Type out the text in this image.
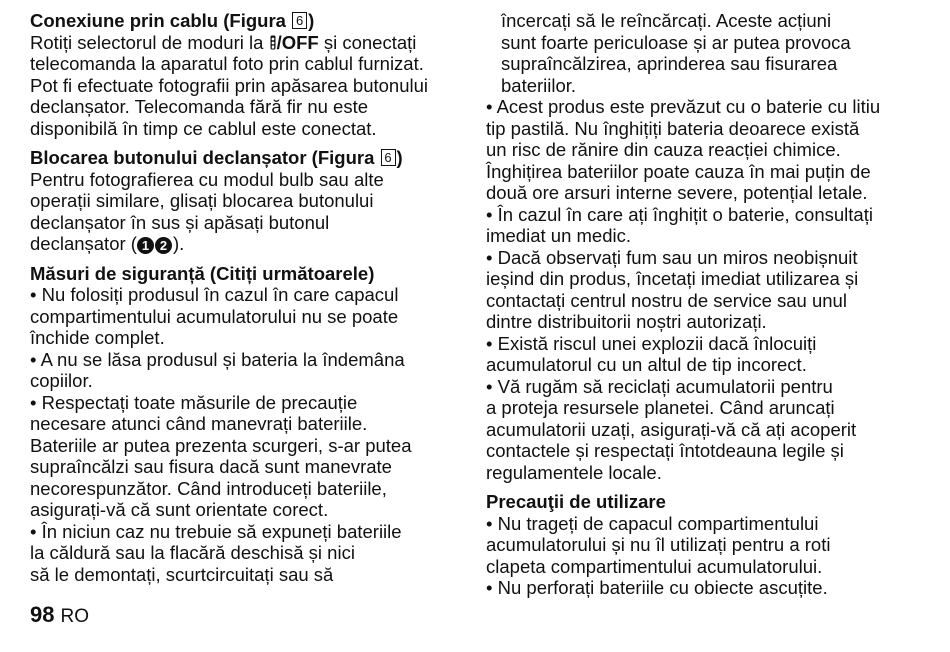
Conexiune prin cablu (Figura 6 )

Rotiți selectorul de moduri la /OFF și conectați

telecomanda la aparatul foto prin cablul furnizat.

Pot fi efectuate fotografii prin apăsarea butonului

declanșator. Telecomanda fără fir nu este

disponibilă în timp ce cablul este conectat.

Blocarea butonului declanșator (Figura 6 )

Pentru fotografierea cu modul bulb sau alte

operații similare, glisați blocarea butonului

declanșator în sus și apăsați butonul

declanșator ( 1 2 ).

Măsuri de siguranță (Citiți următoarele)
• Nu folosiți produsul în cazul în care capacul
compartimentului acumulatorului nu se poate
închide complet.
• A nu se lăsa produsul și bateria la îndemâna
copiilor.
• Respectați toate măsurile de precauție
necesare atunci când manevrați bateriile.
Bateriile ar putea prezenta scurgeri, s-ar putea
supraîncălzi sau fisura dacă sunt manevrate
necorespunzător. Când introduceți bateriile,
asigurați-vă că sunt orientate corect.
• În niciun caz nu trebuie să expuneți bateriile
la căldură sau la flacără deschisă și nici
să le demontați, scurtcircuitați sau să

încercați să le reîncărcați. Aceste acțiuni

sunt foarte periculoase și ar putea provoca

supraîncălzirea, aprinderea sau fisurarea

bateriilor.

• Acest produs este prevăzut cu o baterie cu litiu
tip pastilă. Nu înghițiți bateria deoarece există
un risc de rănire din cauza reacției chimice.
Înghițirea bateriilor poate cauza în mai puțin de
două ore arsuri interne severe, potențial letale.
• În cazul în care ați înghițit o baterie, consultați
imediat un medic.
• Dacă observați fum sau un miros neobișnuit
ieșind din produs, încetați imediat utilizarea și
contactați centrul nostru de service sau unul
dintre distribuitorii noștri autorizați.
• Există riscul unei explozii dacă înlocuiți
acumulatorul cu un altul de tip incorect.
• Vă rugăm să reciclați acumulatorii pentru
a proteja resursele planetei. Când aruncați
acumulatorii uzați, asigurați-vă că ați acoperit
contactele și respectați întotdeauna legile și
regulamentele locale.
Precauţii de utilizare
• Nu trageți de capacul compartimentului
acumulatorului și nu îl utilizați pentru a roti
clapeta compartimentului acumulatorului.
• Nu perforați bateriile cu obiecte ascuțite.
98 RO
